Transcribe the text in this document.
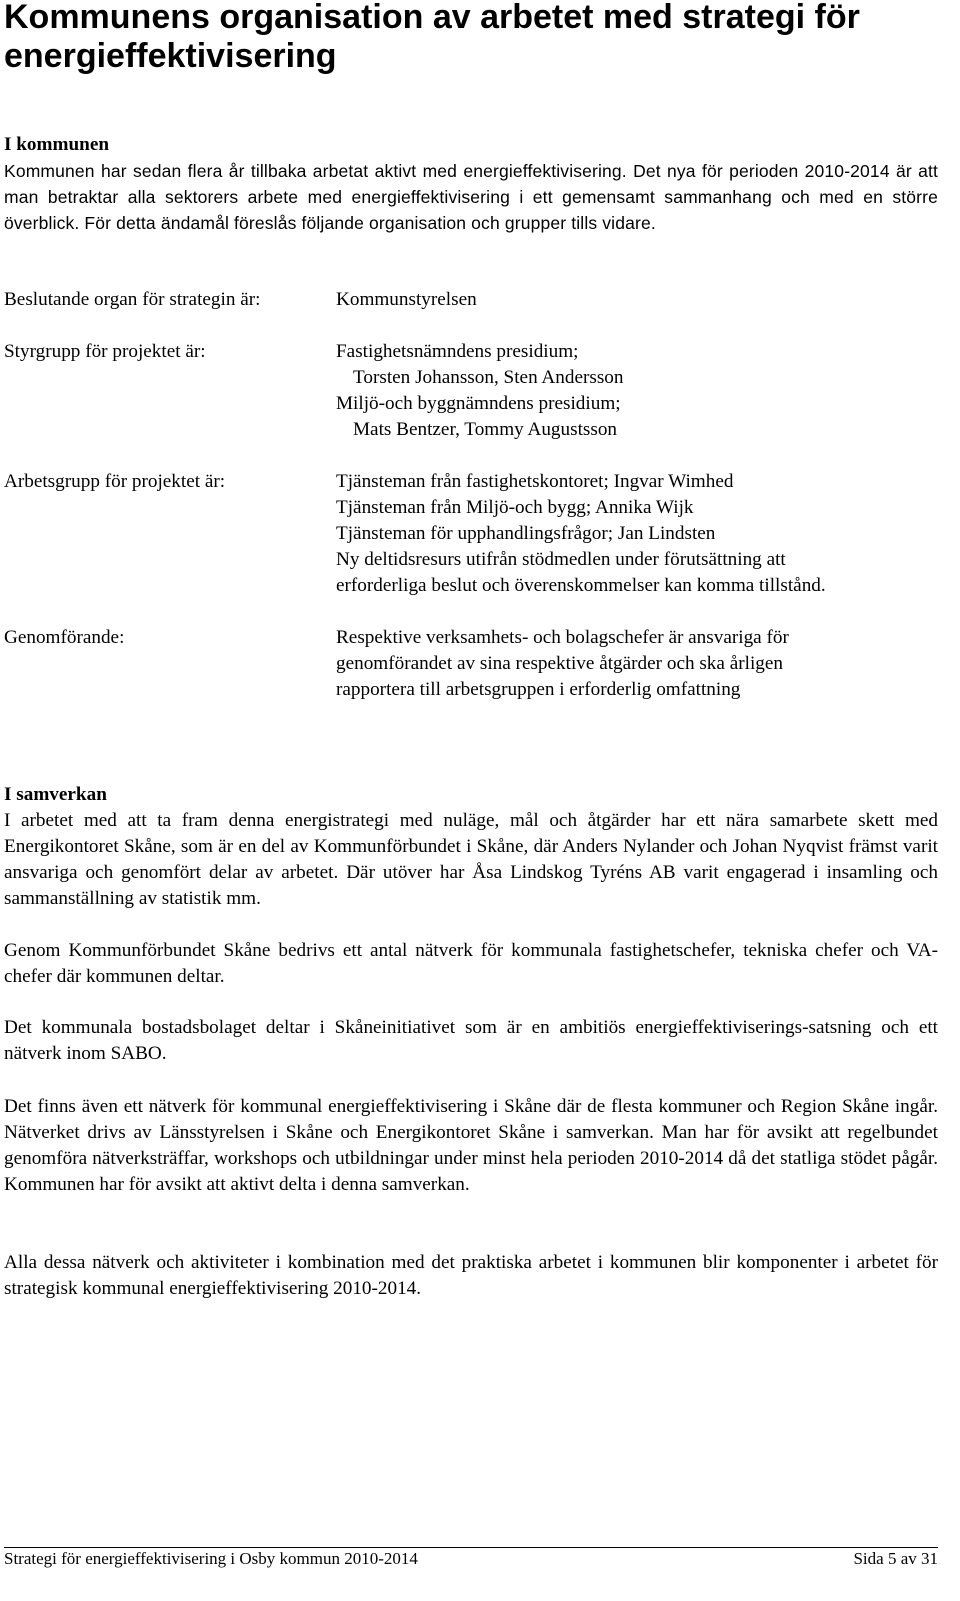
Kommunens organisation av arbetet med strategi för energieffektivisering
I kommunen

Kommunen har sedan flera år tillbaka arbetat aktivt med energieffektivisering. Det nya för perioden 2010-2014 är att man betraktar alla sektorers arbete med energieffektivisering i ett gemensamt sammanhang och med en större överblick. För detta ändamål föreslås följande organisation och grupper tills vidare.

Beslutande organ för strategin är:	Kommunstyrelsen
Styrgrupp för projektet är:	Fastighetsnämndens presidium;
Torsten Johansson, Sten Andersson
Miljö-och byggnämndens presidium;
Mats Bentzer, Tommy Augustsson
Arbetsgrupp för projektet är:	Tjänsteman från fastighetskontoret; Ingvar Wimhed
Tjänsteman från Miljö-och bygg; Annika Wijk
Tjänsteman för upphandlingsfrågor; Jan Lindsten
Ny deltidsresurs utifrån stödmedlen under förutsättning att
erforderliga beslut och överenskommelser kan komma tillstånd.
Genomförande:	Respektive verksamhets- och bolagschefer är ansvariga för
genomförandet av sina respektive åtgärder och ska årligen
rapportera till arbetsgruppen i erforderlig omfattning
I samverkan

I arbetet med att ta fram denna energistrategi med nuläge, mål och åtgärder har ett nära samarbete skett med Energikontoret Skåne, som är en del av Kommunförbundet i Skåne, där Anders Nylander och Johan Nyqvist främst varit ansvariga och genomfört delar av arbetet. Där utöver har Åsa Lindskog Tyréns AB varit engagerad i insamling och sammanställning av statistik mm.

Genom Kommunförbundet Skåne bedrivs ett antal nätverk för kommunala fastighetschefer, tekniska chefer och VA-chefer där kommunen deltar.

Det kommunala bostadsbolaget deltar i Skåneinitiativet som är en ambitiös energieffektiviserings-satsning och ett nätverk inom SABO.

Det finns även ett nätverk för kommunal energieffektivisering i Skåne där de flesta kommuner och Region Skåne ingår. Nätverket drivs av Länsstyrelsen i Skåne och Energikontoret Skåne i samverkan. Man har för avsikt att regelbundet genomföra nätverksträffar, workshops och utbildningar under minst hela perioden 2010-2014 då det statliga stödet pågår. Kommunen har för avsikt att aktivt delta i denna samverkan.

Alla dessa nätverk och aktiviteter i kombination med det praktiska arbetet i kommunen blir komponenter i arbetet för strategisk kommunal energieffektivisering 2010-2014.

Strategi för energieffektivisering i Osby kommun 2010-2014	Sida 5 av 31
